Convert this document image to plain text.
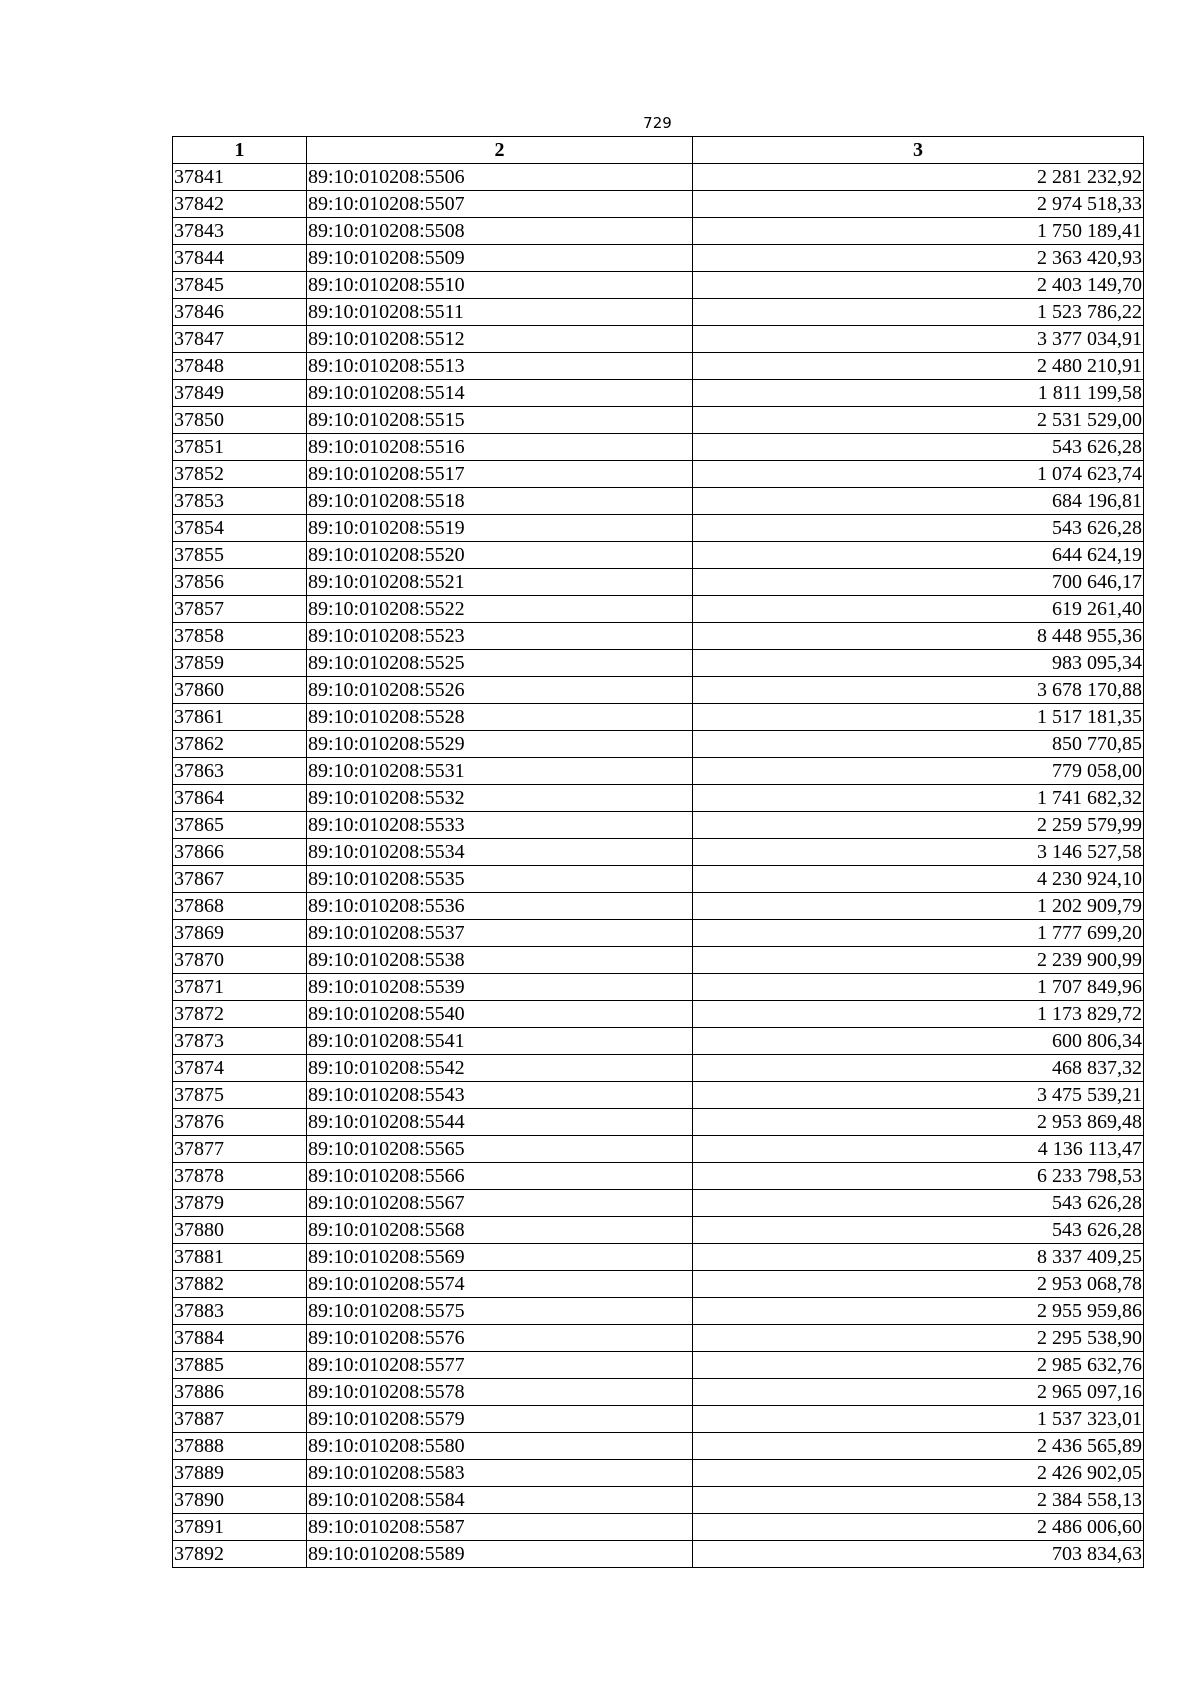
729
1	2	3
37841	89:10:010208:5506	2 281 232,92
37842	89:10:010208:5507	2 974 518,33
37843	89:10:010208:5508	1 750 189,41
37844	89:10:010208:5509	2 363 420,93
37845	89:10:010208:5510	2 403 149,70
37846	89:10:010208:5511	1 523 786,22
37847	89:10:010208:5512	3 377 034,91
37848	89:10:010208:5513	2 480 210,91
37849	89:10:010208:5514	1 811 199,58
37850	89:10:010208:5515	2 531 529,00
37851	89:10:010208:5516	543 626,28
37852	89:10:010208:5517	1 074 623,74
37853	89:10:010208:5518	684 196,81
37854	89:10:010208:5519	543 626,28
37855	89:10:010208:5520	644 624,19
37856	89:10:010208:5521	700 646,17
37857	89:10:010208:5522	619 261,40
37858	89:10:010208:5523	8 448 955,36
37859	89:10:010208:5525	983 095,34
37860	89:10:010208:5526	3 678 170,88
37861	89:10:010208:5528	1 517 181,35
37862	89:10:010208:5529	850 770,85
37863	89:10:010208:5531	779 058,00
37864	89:10:010208:5532	1 741 682,32
37865	89:10:010208:5533	2 259 579,99
37866	89:10:010208:5534	3 146 527,58
37867	89:10:010208:5535	4 230 924,10
37868	89:10:010208:5536	1 202 909,79
37869	89:10:010208:5537	1 777 699,20
37870	89:10:010208:5538	2 239 900,99
37871	89:10:010208:5539	1 707 849,96
37872	89:10:010208:5540	1 173 829,72
37873	89:10:010208:5541	600 806,34
37874	89:10:010208:5542	468 837,32
37875	89:10:010208:5543	3 475 539,21
37876	89:10:010208:5544	2 953 869,48
37877	89:10:010208:5565	4 136 113,47
37878	89:10:010208:5566	6 233 798,53
37879	89:10:010208:5567	543 626,28
37880	89:10:010208:5568	543 626,28
37881	89:10:010208:5569	8 337 409,25
37882	89:10:010208:5574	2 953 068,78
37883	89:10:010208:5575	2 955 959,86
37884	89:10:010208:5576	2 295 538,90
37885	89:10:010208:5577	2 985 632,76
37886	89:10:010208:5578	2 965 097,16
37887	89:10:010208:5579	1 537 323,01
37888	89:10:010208:5580	2 436 565,89
37889	89:10:010208:5583	2 426 902,05
37890	89:10:010208:5584	2 384 558,13
37891	89:10:010208:5587	2 486 006,60
37892	89:10:010208:5589	703 834,63
